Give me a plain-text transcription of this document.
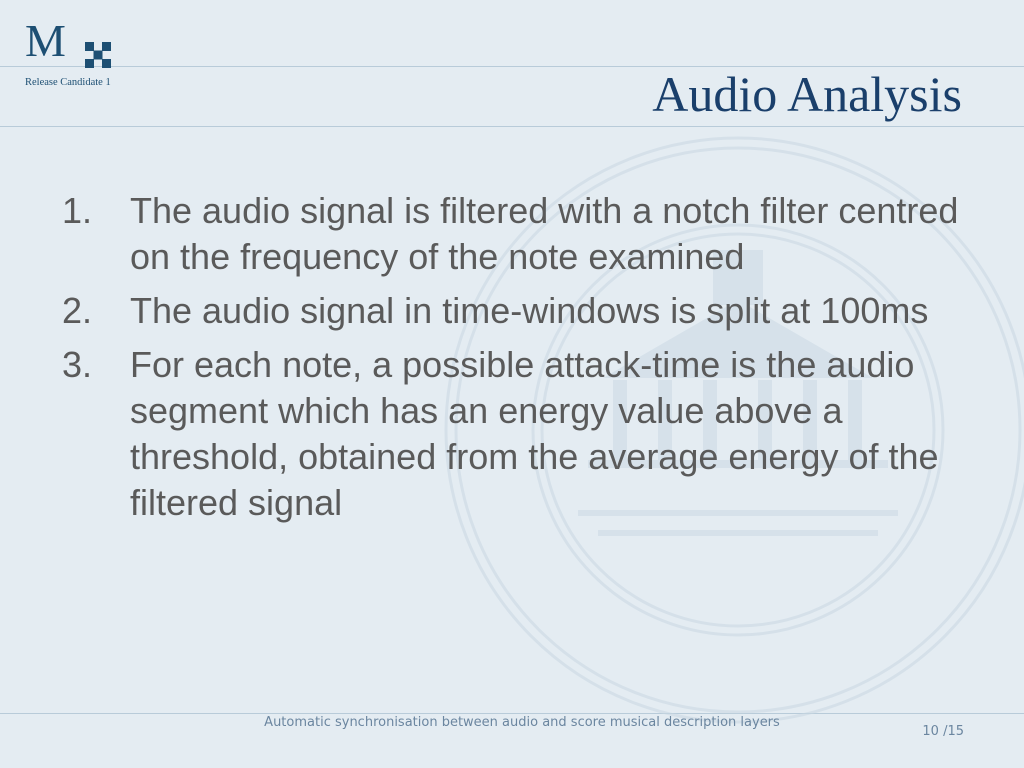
M
Release Candidate 1	Audio Analysis
1.	The audio signal is filtered with a notch filter centred on the frequency of the note examined
2.	The audio signal in time-windows is split at 100ms
3.	For each note, a possible attack-time is the audio segment which has an energy value above a threshold, obtained from the average energy of the filtered signal
Automatic synchronisation between audio and score musical description layers
10 /15
